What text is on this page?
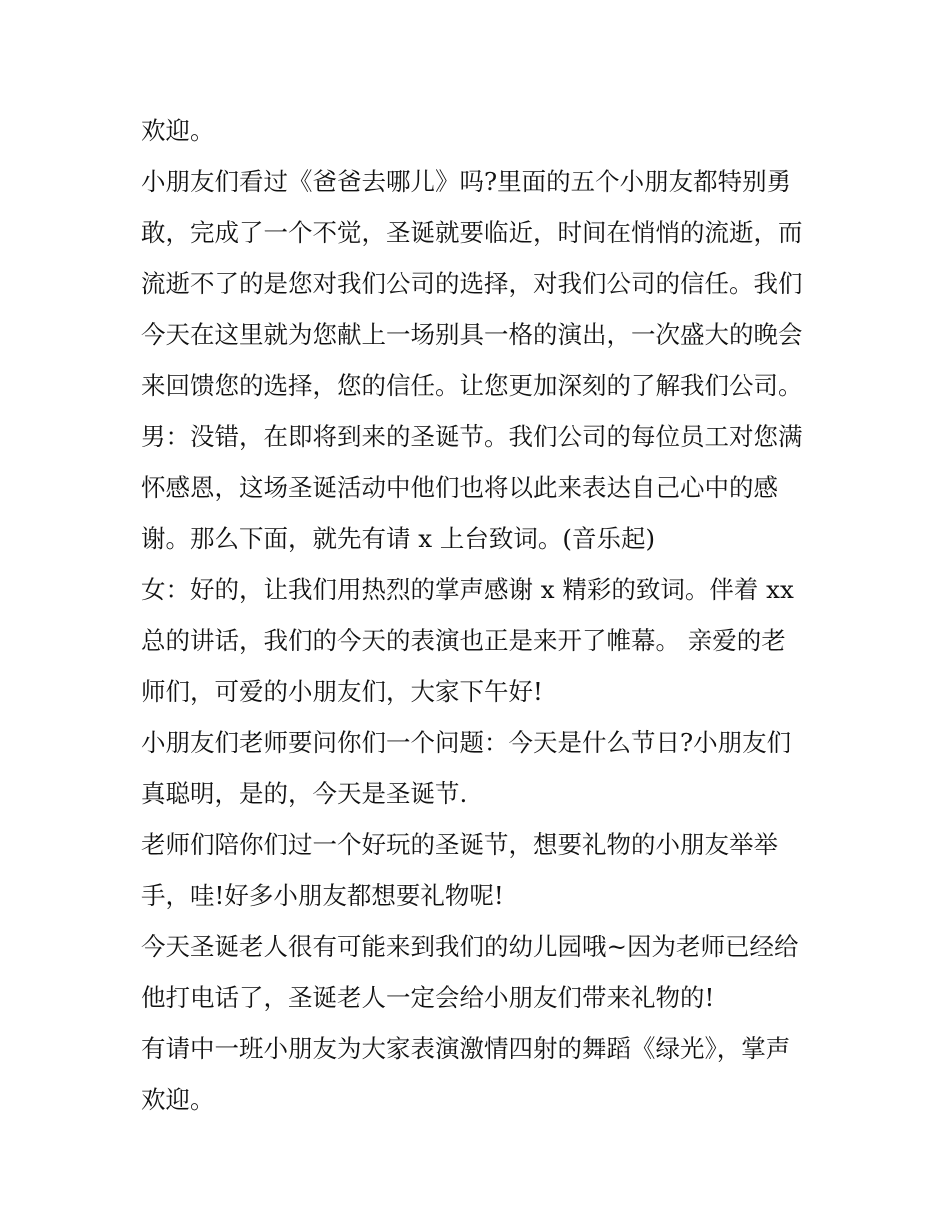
欢迎。
小朋友们看过《爸爸去哪儿》吗?里面的五个小朋友都特别勇
敢，完成了一个不觉，圣诞就要临近，时间在悄悄的流逝，而
流逝不了的是您对我们公司的选择，对我们公司的信任。我们
今天在这里就为您献上一场别具一格的演出，一次盛大的晚会
来回馈您的选择，您的信任。让您更加深刻的了解我们公司。
男：没错，在即将到来的圣诞节。我们公司的每位员工对您满
怀感恩，这场圣诞活动中他们也将以此来表达自己心中的感
谢。那么下面，就先有请 x 上台致词。(音乐起)
女：好的，让我们用热烈的掌声感谢 x 精彩的致词。伴着 xx
总的讲话，我们的今天的表演也正是来开了帷幕。 亲爱的老
师们，可爱的小朋友们，大家下午好!
小朋友们老师要问你们一个问题：今天是什么节日?小朋友们
真聪明，是的，今天是圣诞节.
老师们陪你们过一个好玩的圣诞节，想要礼物的小朋友举举
手，哇!好多小朋友都想要礼物呢!
今天圣诞老人很有可能来到我们的幼儿园哦~因为老师已经给
他打电话了，圣诞老人一定会给小朋友们带来礼物的!
有请中一班小朋友为大家表演激情四射的舞蹈《绿光》，掌声
欢迎。
